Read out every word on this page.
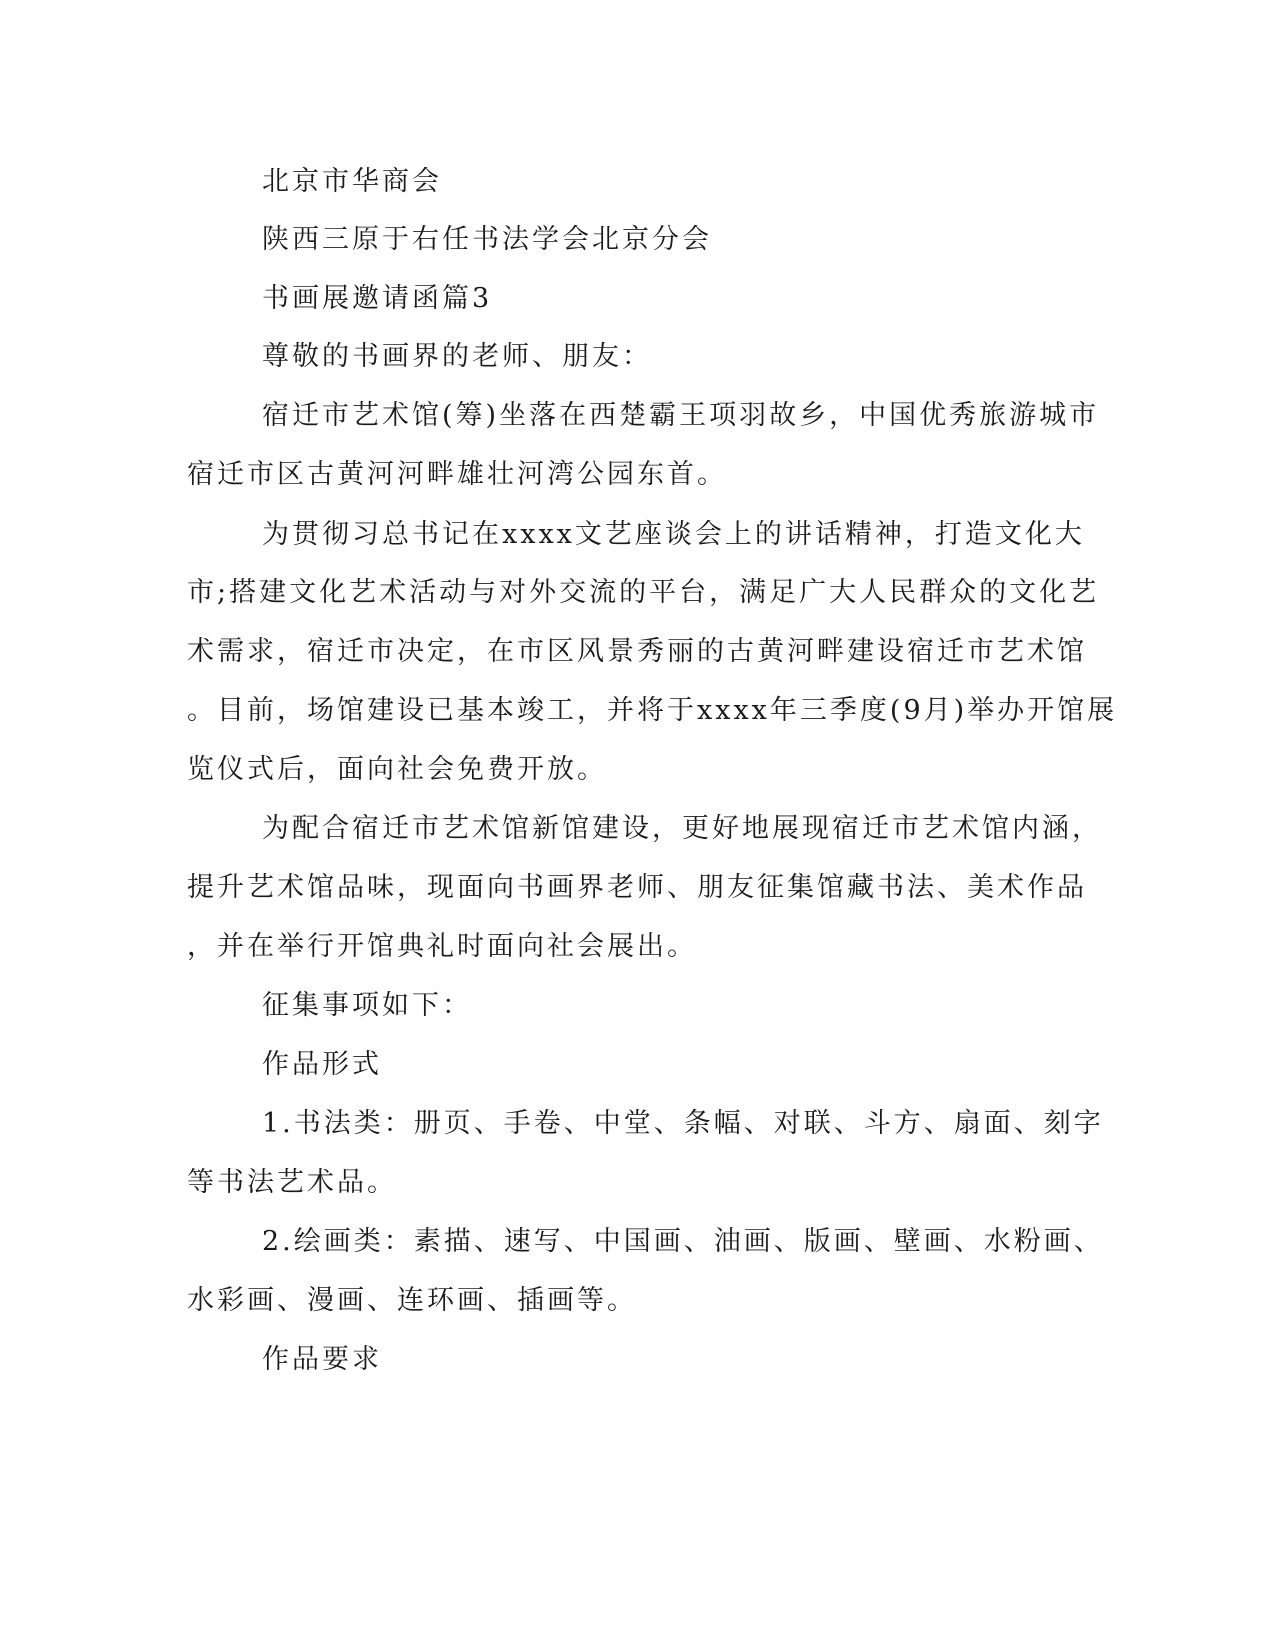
北京市华商会
陕西三原于右任书法学会北京分会
书画展邀请函篇3
尊敬的书画界的老师、朋友：
宿迁市艺术馆(筹)坐落在西楚霸王项羽故乡，中国优秀旅游城市
宿迁市区古黄河河畔雄壮河湾公园东首。
为贯彻习总书记在xxxx文艺座谈会上的讲话精神，打造文化大
市;搭建文化艺术活动与对外交流的平台，满足广大人民群众的文化艺
术需求，宿迁市决定，在市区风景秀丽的古黄河畔建设宿迁市艺术馆
。目前，场馆建设已基本竣工，并将于xxxx年三季度(9月)举办开馆展
览仪式后，面向社会免费开放。
为配合宿迁市艺术馆新馆建设，更好地展现宿迁市艺术馆内涵，
提升艺术馆品味，现面向书画界老师、朋友征集馆藏书法、美术作品
，并在举行开馆典礼时面向社会展出。
征集事项如下：
作品形式
1.书法类：册页、手卷、中堂、条幅、对联、斗方、扇面、刻字
等书法艺术品。
2.绘画类：素描、速写、中国画、油画、版画、壁画、水粉画、
水彩画、漫画、连环画、插画等。
作品要求
